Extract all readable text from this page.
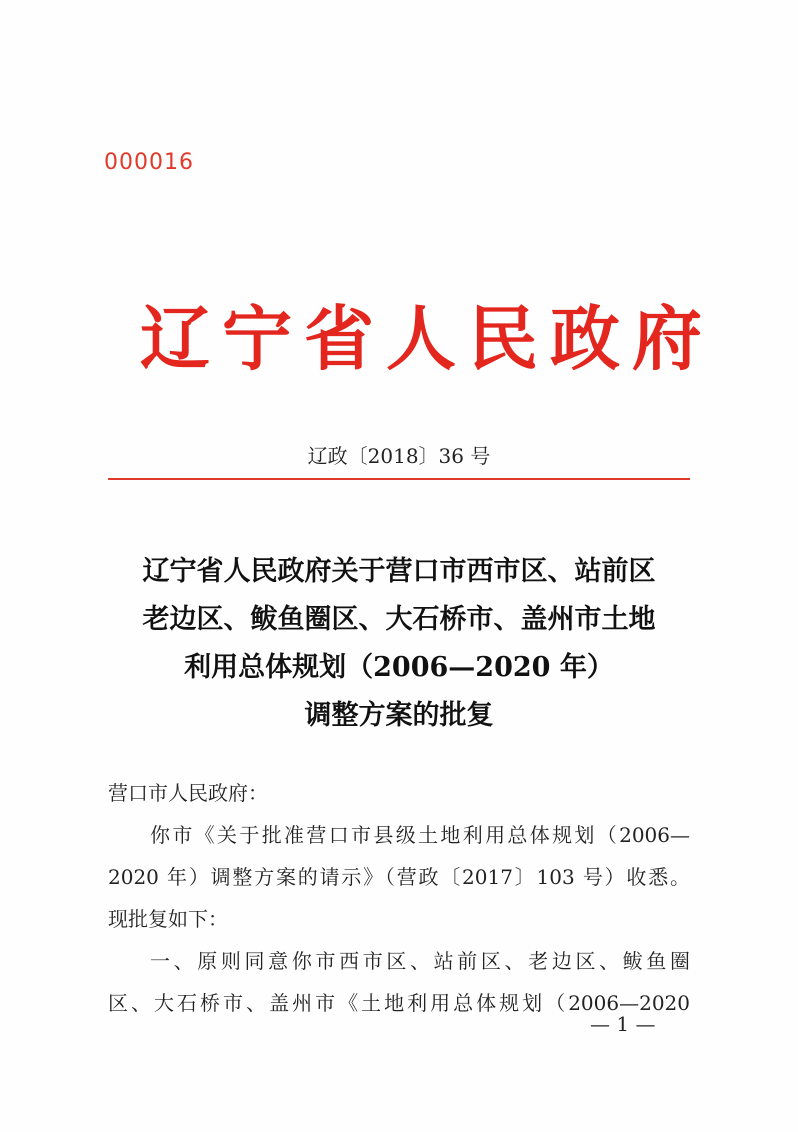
000016
辽宁省人民政府
辽政〔2018〕36 号
辽宁省人民政府关于营口市西市区、站前区
老边区、鲅鱼圈区、大石桥市、盖州市土地
利用总体规划（2006—2020 年）
调整方案的批复
营口市人民政府：
你市《关于批准营口市县级土地利用总体规划（2006—
2020 年）调整方案的请示》（营政〔2017〕103 号）收悉。
现批复如下：
一、原则同意你市西市区、站前区、老边区、鲅鱼圈
区、大石桥市、盖州市《土地利用总体规划（2006—2020
— 1 —
